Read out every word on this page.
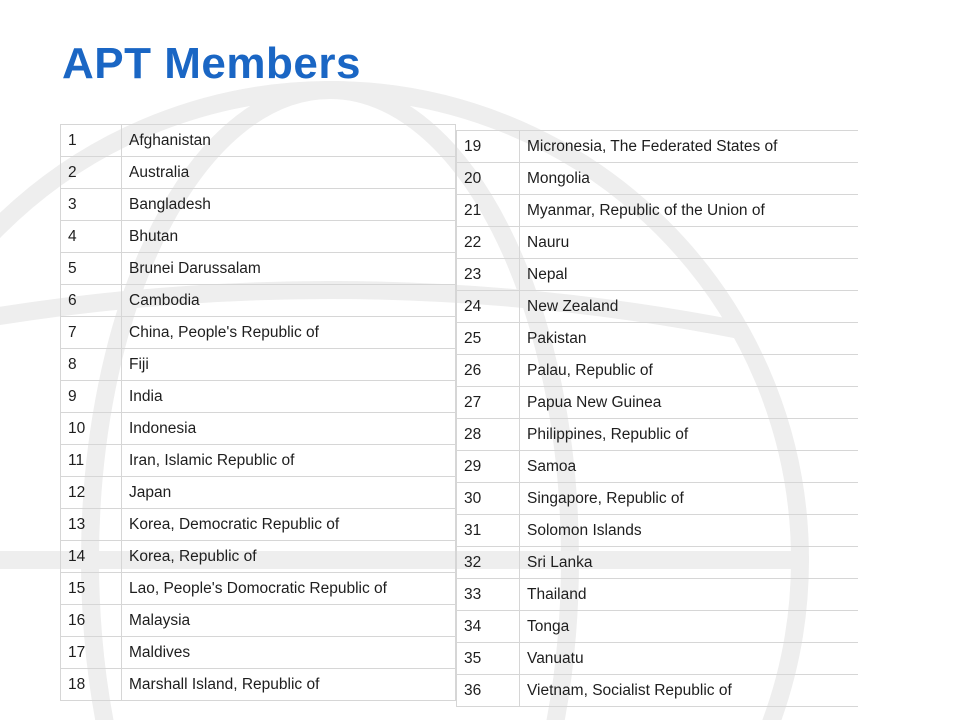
APT Members
1	Afghanistan
2	Australia
3	Bangladesh
4	Bhutan
5	Brunei Darussalam
6	Cambodia
7	China, People's Republic of
8	Fiji
9	India
10	Indonesia
11	Iran, Islamic Republic of
12	Japan
13	Korea, Democratic Republic of
14	Korea, Republic of
15	Lao, People's Domocratic Republic of
16	Malaysia
17	Maldives
18	Marshall Island, Republic of
19	Micronesia, The Federated States of
20	Mongolia
21	Myanmar, Republic of the Union of
22	Nauru
23	Nepal
24	New Zealand
25	Pakistan
26	Palau, Republic of
27	Papua New Guinea
28	Philippines, Republic of
29	Samoa
30	Singapore, Republic of
31	Solomon Islands
32	Sri Lanka
33	Thailand
34	Tonga
35	Vanuatu
36	Vietnam, Socialist Republic of
